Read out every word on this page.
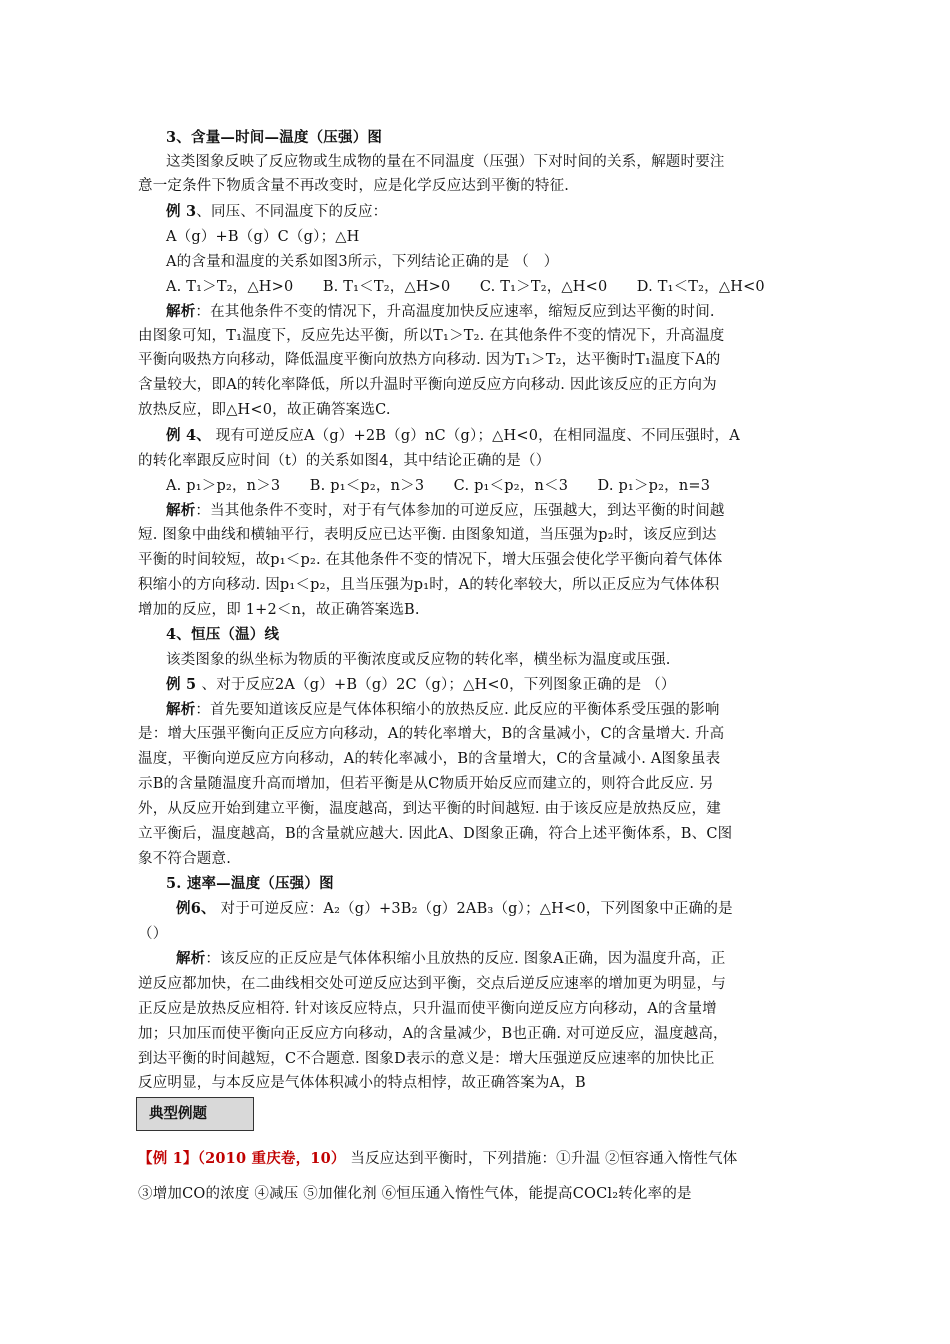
3、含量—时间—温度（压强）图
这类图象反映了反应物或生成物的量在不同温度（压强）下对时间的关系，解题时要注
意一定条件下物质含量不再改变时，应是化学反应达到平衡的特征.
例 3、同压、不同温度下的反应：
A（g）+B（g）C（g）；△H
A的含量和温度的关系如图3所示，下列结论正确的是 （　）
A. T₁＞T₂，△H>0　　B. T₁＜T₂，△H>0　　C. T₁＞T₂，△H<0　　D. T₁＜T₂，△H<0
解析：在其他条件不变的情况下，升高温度加快反应速率，缩短反应到达平衡的时间.
由图象可知，T₁温度下，反应先达平衡，所以T₁＞T₂. 在其他条件不变的情况下，升高温度
平衡向吸热方向移动，降低温度平衡向放热方向移动. 因为T₁＞T₂，达平衡时T₁温度下A的
含量较大，即A的转化率降低，所以升温时平衡向逆反应方向移动. 因此该反应的正方向为
放热反应，即△H<0，故正确答案选C.
例 4、 现有可逆反应A（g）+2B（g）nC（g）；△H<0，在相同温度、不同压强时，A
的转化率跟反应时间（t）的关系如图4，其中结论正确的是（）
A. p₁＞p₂，n＞3　　B. p₁＜p₂，n＞3　　C. p₁＜p₂，n＜3　　D. p₁＞p₂，n=3
解析：当其他条件不变时，对于有气体参加的可逆反应，压强越大，到达平衡的时间越
短. 图象中曲线和横轴平行，表明反应已达平衡. 由图象知道，当压强为p₂时，该反应到达
平衡的时间较短，故p₁＜p₂. 在其他条件不变的情况下，增大压强会使化学平衡向着气体体
积缩小的方向移动. 因p₁＜p₂，且当压强为p₁时，A的转化率较大，所以正反应为气体体积
增加的反应，即 1+2＜n，故正确答案选B.
4、恒压（温）线
该类图象的纵坐标为物质的平衡浓度或反应物的转化率，横坐标为温度或压强.
例 5 、对于反应2A（g）+B（g）2C（g）；△H<0，下列图象正确的是 （）
解析：首先要知道该反应是气体体积缩小的放热反应. 此反应的平衡体系受压强的影响
是：增大压强平衡向正反应方向移动，A的转化率增大，B的含量减小，C的含量增大. 升高
温度，平衡向逆反应方向移动，A的转化率减小，B的含量增大，C的含量减小. A图象虽表
示B的含量随温度升高而增加，但若平衡是从C物质开始反应而建立的，则符合此反应. 另
外，从反应开始到建立平衡，温度越高，到达平衡的时间越短. 由于该反应是放热反应，建
立平衡后，温度越高，B的含量就应越大. 因此A、D图象正确，符合上述平衡体系，B、C图
象不符合题意.
5. 速率—温度（压强）图
例6、 对于可逆反应：A₂（g）+3B₂（g）2AB₃（g）；△H<0，下列图象中正确的是
（）
解析：该反应的正反应是气体体积缩小且放热的反应. 图象A正确，因为温度升高，正
逆反应都加快，在二曲线相交处可逆反应达到平衡，交点后逆反应速率的增加更为明显，与
正反应是放热反应相符. 针对该反应特点，只升温而使平衡向逆反应方向移动，A的含量增
加；只加压而使平衡向正反应方向移动，A的含量减少，B也正确. 对可逆反应，温度越高，
到达平衡的时间越短，C不合题意. 图象D表示的意义是：增大压强逆反应速率的加快比正
反应明显，与本反应是气体体积减小的特点相悖，故正确答案为A，B
典型例题
【例 1】（2010 重庆卷，10） 当反应达到平衡时，下列措施：①升温 ②恒容通入惰性气体
③增加CO的浓度 ④减压 ⑤加催化剂 ⑥恒压通入惰性气体，能提高COCl₂转化率的是
